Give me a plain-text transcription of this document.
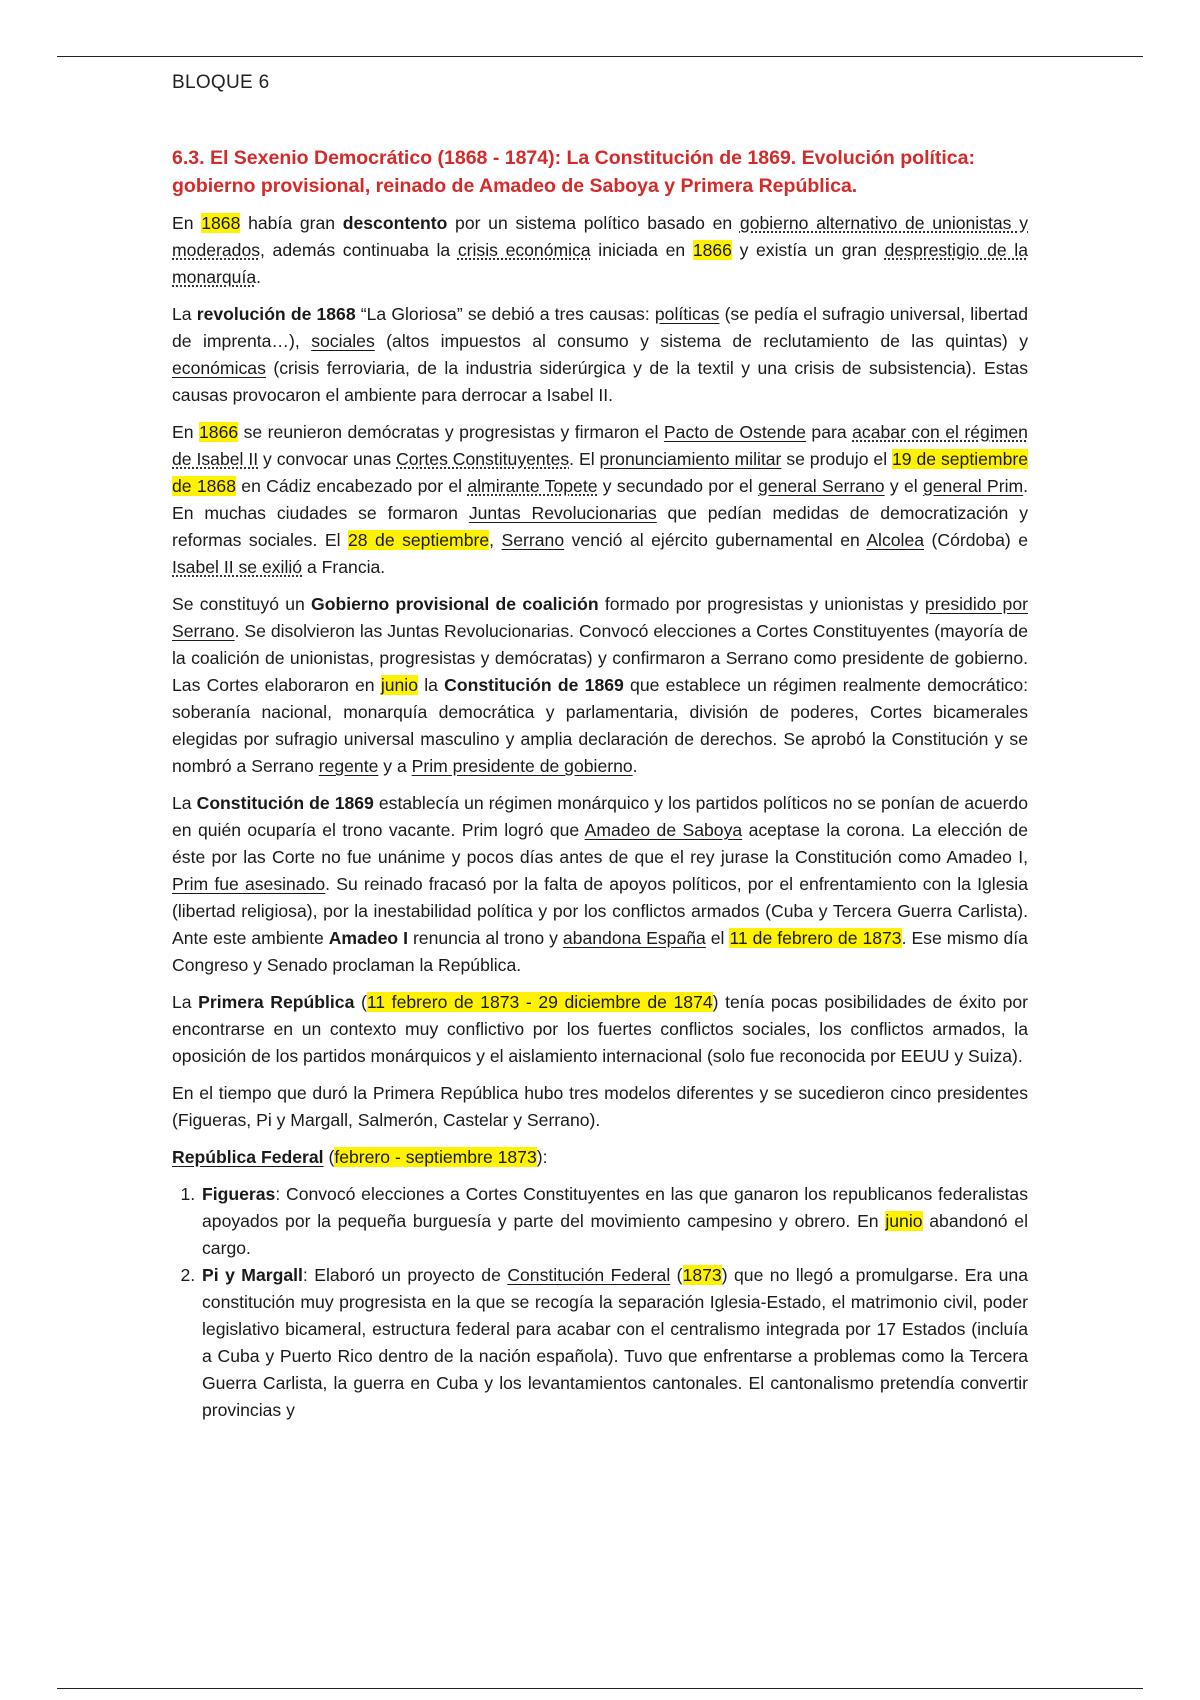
BLOQUE 6
6.3. El Sexenio Democrático (1868 - 1874): La Constitución de 1869. Evolución política: gobierno provisional, reinado de Amadeo de Saboya y Primera República.

En 1868 había gran descontento por un sistema político basado en gobierno alternativo de unionistas y moderados, además continuaba la crisis económica iniciada en 1866 y existía un gran desprestigio de la monarquía.

La revolución de 1868 “La Gloriosa” se debió a tres causas: políticas (se pedía el sufragio universal, libertad de imprenta…), sociales (altos impuestos al consumo y sistema de reclutamiento de las quintas) y económicas (crisis ferroviaria, de la industria siderúrgica y de la textil y una crisis de subsistencia). Estas causas provocaron el ambiente para derrocar a Isabel II.

En 1866 se reunieron demócratas y progresistas y firmaron el Pacto de Ostende para acabar con el régimen de Isabel II y convocar unas Cortes Constituyentes. El pronunciamiento militar se produjo el 19 de septiembre de 1868 en Cádiz encabezado por el almirante Topete y secundado por el general Serrano y el general Prim. En muchas ciudades se formaron Juntas Revolucionarias que pedían medidas de democratización y reformas sociales. El 28 de septiembre, Serrano venció al ejército gubernamental en Alcolea (Córdoba) e Isabel II se exilió a Francia.

Se constituyó un Gobierno provisional de coalición formado por progresistas y unionistas y presidido por Serrano. Se disolvieron las Juntas Revolucionarias. Convocó elecciones a Cortes Constituyentes (mayoría de la coalición de unionistas, progresistas y demócratas) y confirmaron a Serrano como presidente de gobierno. Las Cortes elaboraron en junio la Constitución de 1869 que establece un régimen realmente democrático: soberanía nacional, monarquía democrática y parlamentaria, división de poderes, Cortes bicamerales elegidas por sufragio universal masculino y amplia declaración de derechos. Se aprobó la Constitución y se nombró a Serrano regente y a Prim presidente de gobierno.

La Constitución de 1869 establecía un régimen monárquico y los partidos políticos no se ponían de acuerdo en quién ocuparía el trono vacante. Prim logró que Amadeo de Saboya aceptase la corona. La elección de éste por las Corte no fue unánime y pocos días antes de que el rey jurase la Constitución como Amadeo I, Prim fue asesinado. Su reinado fracasó por la falta de apoyos políticos, por el enfrentamiento con la Iglesia (libertad religiosa), por la inestabilidad política y por los conflictos armados (Cuba y Tercera Guerra Carlista). Ante este ambiente Amadeo I renuncia al trono y abandona España el 11 de febrero de 1873. Ese mismo día Congreso y Senado proclaman la República.

La Primera República (11 febrero de 1873 - 29 diciembre de 1874) tenía pocas posibilidades de éxito por encontrarse en un contexto muy conflictivo por los fuertes conflictos sociales, los conflictos armados, la oposición de los partidos monárquicos y el aislamiento internacional (solo fue reconocida por EEUU y Suiza).

En el tiempo que duró la Primera República hubo tres modelos diferentes y se sucedieron cinco presidentes (Figueras, Pi y Margall, Salmerón, Castelar y Serrano).

República Federal (febrero - septiembre 1873):

1. Figueras: Convocó elecciones a Cortes Constituyentes en las que ganaron los republicanos federalistas apoyados por la pequeña burguesía y parte del movimiento campesino y obrero. En junio abandonó el cargo.
2. Pi y Margall: Elaboró un proyecto de Constitución Federal (1873) que no llegó a promulgarse. Era una constitución muy progresista en la que se recogía la separación Iglesia-Estado, el matrimonio civil, poder legislativo bicameral, estructura federal para acabar con el centralismo integrada por 17 Estados (incluía a Cuba y Puerto Rico dentro de la nación española). Tuvo que enfrentarse a problemas como la Tercera Guerra Carlista, la guerra en Cuba y los levantamientos cantonales. El cantonalismo pretendía convertir provincias y
